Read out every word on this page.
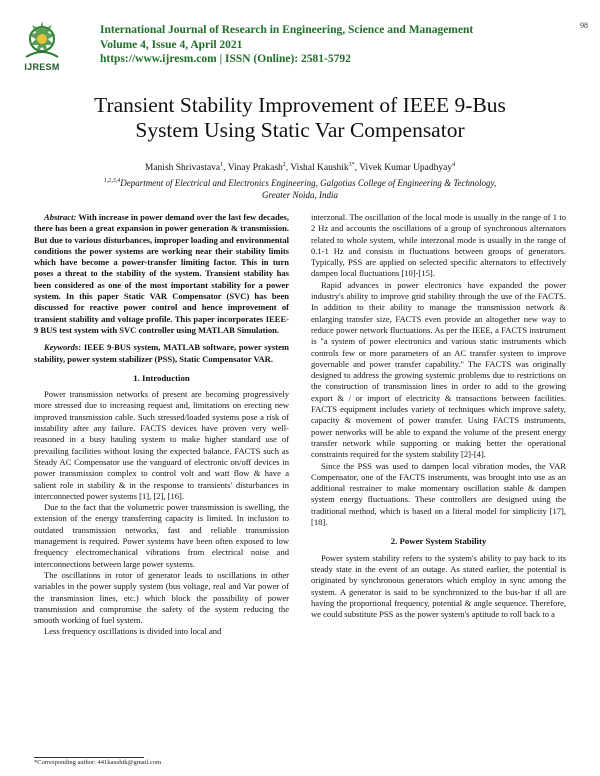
IJRESM
International Journal of Research in Engineering, Science and Management
Volume 4, Issue 4, April 2021
https://www.ijresm.com | ISSN (Online): 2581-5792
98
Transient Stability Improvement of IEEE 9-Bus
System Using Static Var Compensator
Manish Shrivastava$^1$, Vinay Prakash$^2$, Vishal Kaushik$^{3*}$, Vivek Kumar Upadhyay$^4$
$^{1,2,3,4}$Department of Electrical and Electronics Engineering, Galgotias College of Engineering & Technology,
Greater Noida, India

Abstract: With increase in power demand over the last few decades, there has been a great expansion in power generation & transmission. But due to various disturbances, improper loading and environmental conditions the power systems are working near their stability limits which have become a power-transfer limiting factor. This in turn poses a threat to the stability of the system. Transient stability has been considered as one of the most important stability for a power system. In this paper Static VAR Compensator (SVC) has been discussed for reactive power control and hence improvement of transient stability and voltage profile. This paper incorporates IEEE-9 BUS test system with SVC controller using MATLAB Simulation.

Keywords: IEEE 9-BUS system, MATLAB software, power system stability, power system stabilizer (PSS), Static Compensator VAR.

1. Introduction

Power transmission networks of present are becoming progressively more stressed due to increasing request and, limitations on erecting new improved transmission cable. Such stressed/loaded systems pose a risk of instability after any failure. FACTS devices have proven very well-reasoned in a busy hauling system to make higher standard use of prevailing facilities without losing the expected balance. FACTS such as Steady AC Compensator use the vanguard of electronic on/off devices in power transmission complex to control volt and watt flow & have a salient role in stability & in the response to transients' disturbances in interconnected power systems [1], [2], [16].

Due to the fact that the volumetric power transmission is swelling, the extension of the energy transferring capacity is limited. In inclusion to outdated transmission networks, fast and reliable transmission management is required. Power systems have been often exposed to low frequency electromechanical vibrations from electrical noise and interconnections between large power systems.

The oscillations in rotor of generator leads to oscillations in other variables in the power supply system (bus voltage, real and Var power of the transmission lines, etc.) which block the possibility of power transmission and compromise the safety of the system reducing the smooth working of fuel system.

Less frequency oscillations is divided into local and

interzonal. The oscillation of the local mode is usually in the range of 1 to 2 Hz and accounts the oscillations of a group of synchronous alternators related to whole system, while interzonal mode is usually in the range of 0.1-1 Hz and consists in fluctuations between groups of generators. Typically, PSS are applied on selected specific alternators to effectively dampen local fluctuations [10]-[15].

Rapid advances in power electronics have expanded the power industry's ability to improve grid stability through the use of the FACTS. In addition to their ability to manage the transmission network & enlarging transfer size, FACTS even provide an altogether new way to reduce power network fluctuations. As per the IEEE, a FACTS instrument is "a system of power electronics and various static instruments which controls few or more parameters of an AC transfer system to improve governable and power transfer capability." The FACTS was originally designed to address the growing systemic problems due to restrictions on the construction of transmission lines in order to add to the growing export & / or import of electricity & transactions between facilities. FACTS equipment includes variety of techniques which improve safety, capacity & movement of power transfer. Using FACTS instruments, power networks will be able to expand the volume of the present energy transfer network while supporting or making better the operational constraints required for the system stability [2]-[4].

Since the PSS was used to dampen local vibration modes, the VAR Compensator, one of the FACTS instruments, was brought into use as an additional restrainer to make momentary oscillation stable & dampen system energy fluctuations. These controllers are designed using the traditional method, which is based on a literal model for simplicity [17], [18].

2. Power System Stability

Power system stability refers to the system's ability to pay back to its steady state in the event of an outage. As stated earlier, the potential is originated by synchronous generators which employ in sync among the system. A generator is said to be synchronized to the bus-bar if all are having the proportional frequency, potential & angle sequence. Therefore, we could substitute PSS as the power system's aptitude to roll back to a

*Corresponding author: 441kaushik@gmail.com
